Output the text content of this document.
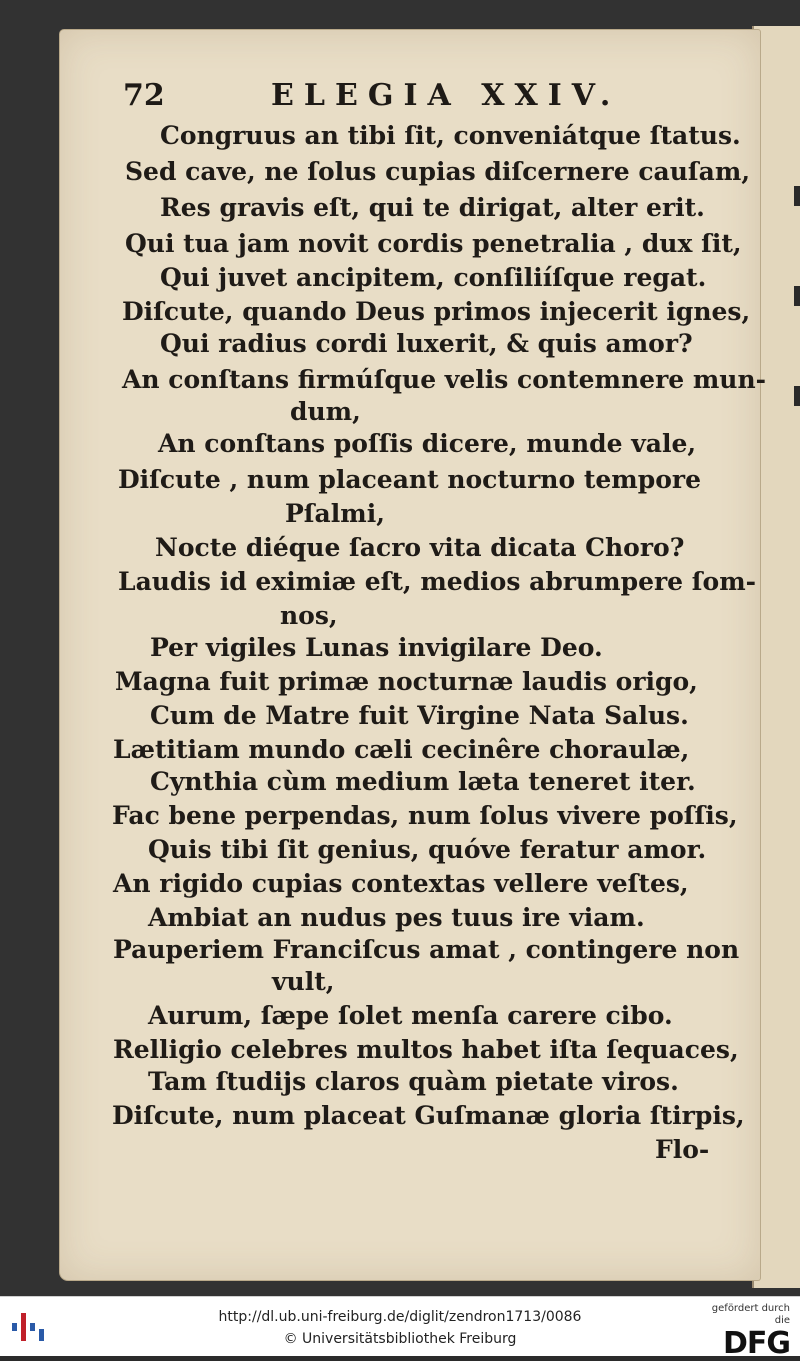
72	ELEGIA XXIV.
Congruus an tibi ſit, conveniátque ſtatus.
Sed cave, ne ſolus cupias diſcernere cauſam,
Res gravis eſt, qui te dirigat, alter erit.
Qui tua jam novit cordis penetralia , dux ſit,
Qui juvet ancipitem, conſiliíſque regat.
Diſcute, quando Deus primos injecerit ignes,
Qui radius cordi luxerit, & quis amor?
An conſtans firmúſque velis contemnere mun-
dum,
An conſtans poſſis dicere, munde vale,
Diſcute , num placeant nocturno tempore
Pſalmi,
Nocte diéque ſacro vita dicata Choro?
Laudis id eximiæ eſt, medios abrumpere ſom-
nos,
Per vigiles Lunas invigilare Deo.
Magna fuit primæ nocturnæ laudis origo,
Cum de Matre fuit Virgine Nata Salus.
Lætitiam mundo cæli cecinêre choraulæ,
Cynthia cùm medium læta teneret iter.
Fac bene perpendas, num ſolus vivere poſſis,
Quis tibi ſit genius, quóve feratur amor.
An rigido cupias contextas vellere veſtes,
Ambiat an nudus pes tuus ire viam.
Pauperiem Franciſcus amat , contingere non
vult,
Aurum, ſæpe ſolet menſa carere cibo.
Relligio celebres multos habet iſta ſequaces,
Tam ſtudijs claros quàm pietate viros.
Diſcute, num placeat Guſmanæ gloria ſtirpis,
Flo-
http://dl.ub.uni-freiburg.de/diglit/zendron1713/0086
© Universitätsbibliothek Freiburg
gefördert durch die
DFG
